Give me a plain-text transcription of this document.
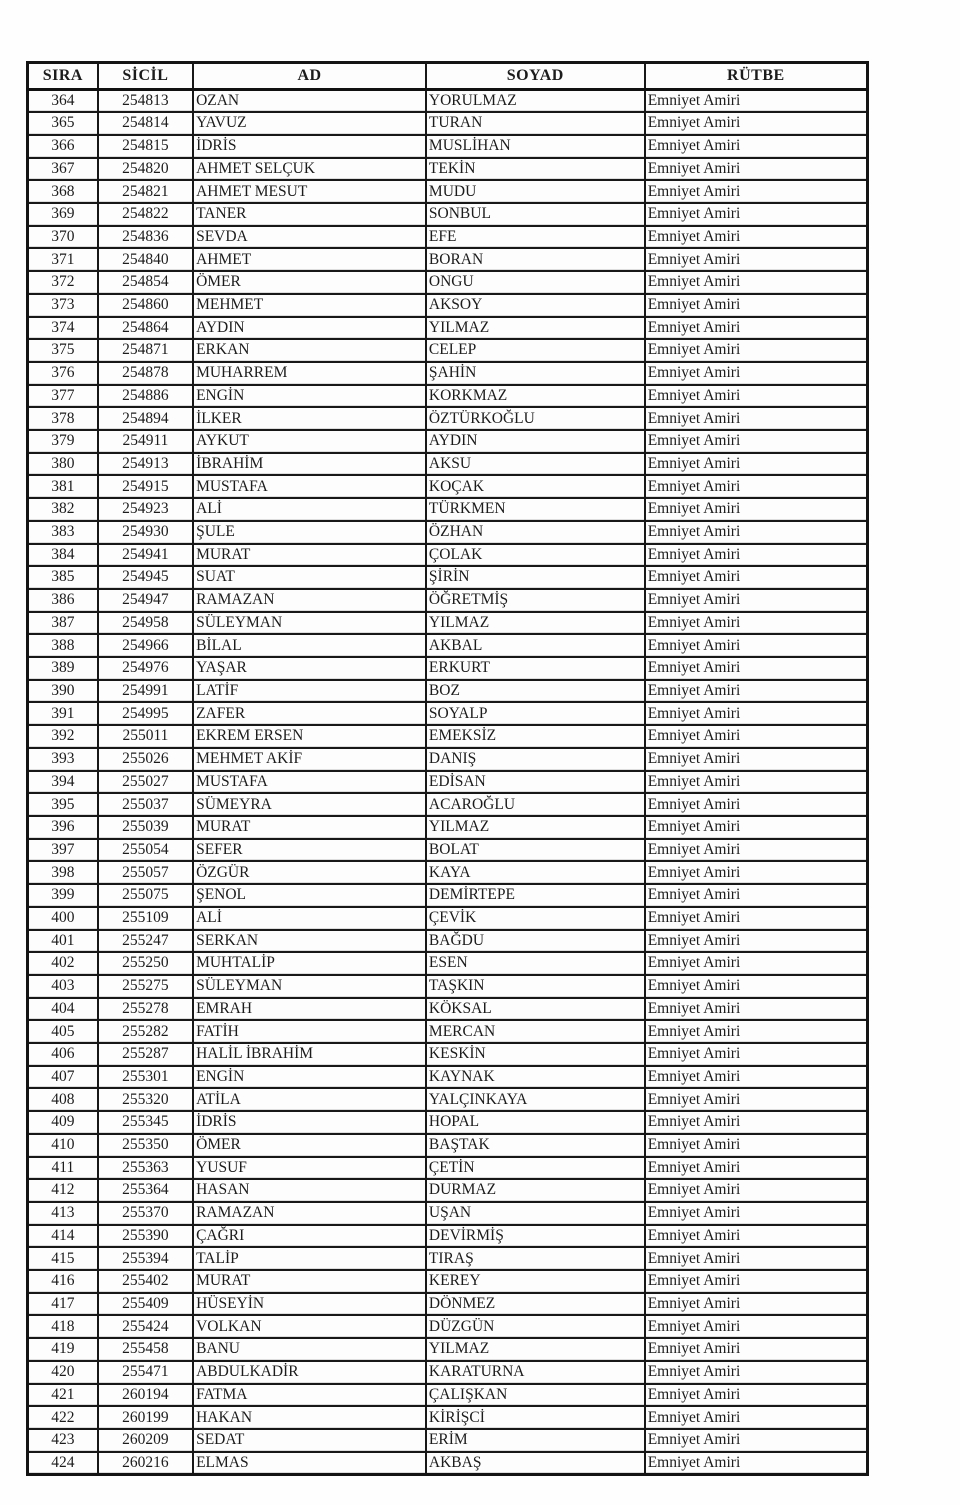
SIRA	SİCİL	AD	SOYAD	RÜTBE
364	254813	OZAN	YORULMAZ	Emniyet Amiri
365	254814	YAVUZ	TURAN	Emniyet Amiri
366	254815	İDRİS	MUSLİHAN	Emniyet Amiri
367	254820	AHMET SELÇUK	TEKİN	Emniyet Amiri
368	254821	AHMET MESUT	MUDU	Emniyet Amiri
369	254822	TANER	SONBUL	Emniyet Amiri
370	254836	SEVDA	EFE	Emniyet Amiri
371	254840	AHMET	BORAN	Emniyet Amiri
372	254854	ÖMER	ONGU	Emniyet Amiri
373	254860	MEHMET	AKSOY	Emniyet Amiri
374	254864	AYDIN	YILMAZ	Emniyet Amiri
375	254871	ERKAN	CELEP	Emniyet Amiri
376	254878	MUHARREM	ŞAHİN	Emniyet Amiri
377	254886	ENGİN	KORKMAZ	Emniyet Amiri
378	254894	İLKER	ÖZTÜRKOĞLU	Emniyet Amiri
379	254911	AYKUT	AYDIN	Emniyet Amiri
380	254913	İBRAHİM	AKSU	Emniyet Amiri
381	254915	MUSTAFA	KOÇAK	Emniyet Amiri
382	254923	ALİ	TÜRKMEN	Emniyet Amiri
383	254930	ŞULE	ÖZHAN	Emniyet Amiri
384	254941	MURAT	ÇOLAK	Emniyet Amiri
385	254945	SUAT	ŞİRİN	Emniyet Amiri
386	254947	RAMAZAN	ÖĞRETMİŞ	Emniyet Amiri
387	254958	SÜLEYMAN	YILMAZ	Emniyet Amiri
388	254966	BİLAL	AKBAL	Emniyet Amiri
389	254976	YAŞAR	ERKURT	Emniyet Amiri
390	254991	LATİF	BOZ	Emniyet Amiri
391	254995	ZAFER	SOYALP	Emniyet Amiri
392	255011	EKREM ERSEN	EMEKSİZ	Emniyet Amiri
393	255026	MEHMET AKİF	DANIŞ	Emniyet Amiri
394	255027	MUSTAFA	EDİSAN	Emniyet Amiri
395	255037	SÜMEYRA	ACAROĞLU	Emniyet Amiri
396	255039	MURAT	YILMAZ	Emniyet Amiri
397	255054	SEFER	BOLAT	Emniyet Amiri
398	255057	ÖZGÜR	KAYA	Emniyet Amiri
399	255075	ŞENOL	DEMİRTEPE	Emniyet Amiri
400	255109	ALİ	ÇEVİK	Emniyet Amiri
401	255247	SERKAN	BAĞDU	Emniyet Amiri
402	255250	MUHTALİP	ESEN	Emniyet Amiri
403	255275	SÜLEYMAN	TAŞKIN	Emniyet Amiri
404	255278	EMRAH	KÖKSAL	Emniyet Amiri
405	255282	FATİH	MERCAN	Emniyet Amiri
406	255287	HALİL İBRAHİM	KESKİN	Emniyet Amiri
407	255301	ENGİN	KAYNAK	Emniyet Amiri
408	255320	ATİLA	YALÇINKAYA	Emniyet Amiri
409	255345	İDRİS	HOPAL	Emniyet Amiri
410	255350	ÖMER	BAŞTAK	Emniyet Amiri
411	255363	YUSUF	ÇETİN	Emniyet Amiri
412	255364	HASAN	DURMAZ	Emniyet Amiri
413	255370	RAMAZAN	UŞAN	Emniyet Amiri
414	255390	ÇAĞRI	DEVİRMİŞ	Emniyet Amiri
415	255394	TALİP	TIRAŞ	Emniyet Amiri
416	255402	MURAT	KEREY	Emniyet Amiri
417	255409	HÜSEYİN	DÖNMEZ	Emniyet Amiri
418	255424	VOLKAN	DÜZGÜN	Emniyet Amiri
419	255458	BANU	YILMAZ	Emniyet Amiri
420	255471	ABDULKADİR	KARATURNA	Emniyet Amiri
421	260194	FATMA	ÇALIŞKAN	Emniyet Amiri
422	260199	HAKAN	KİRİŞCİ	Emniyet Amiri
423	260209	SEDAT	ERİM	Emniyet Amiri
424	260216	ELMAS	AKBAŞ	Emniyet Amiri
